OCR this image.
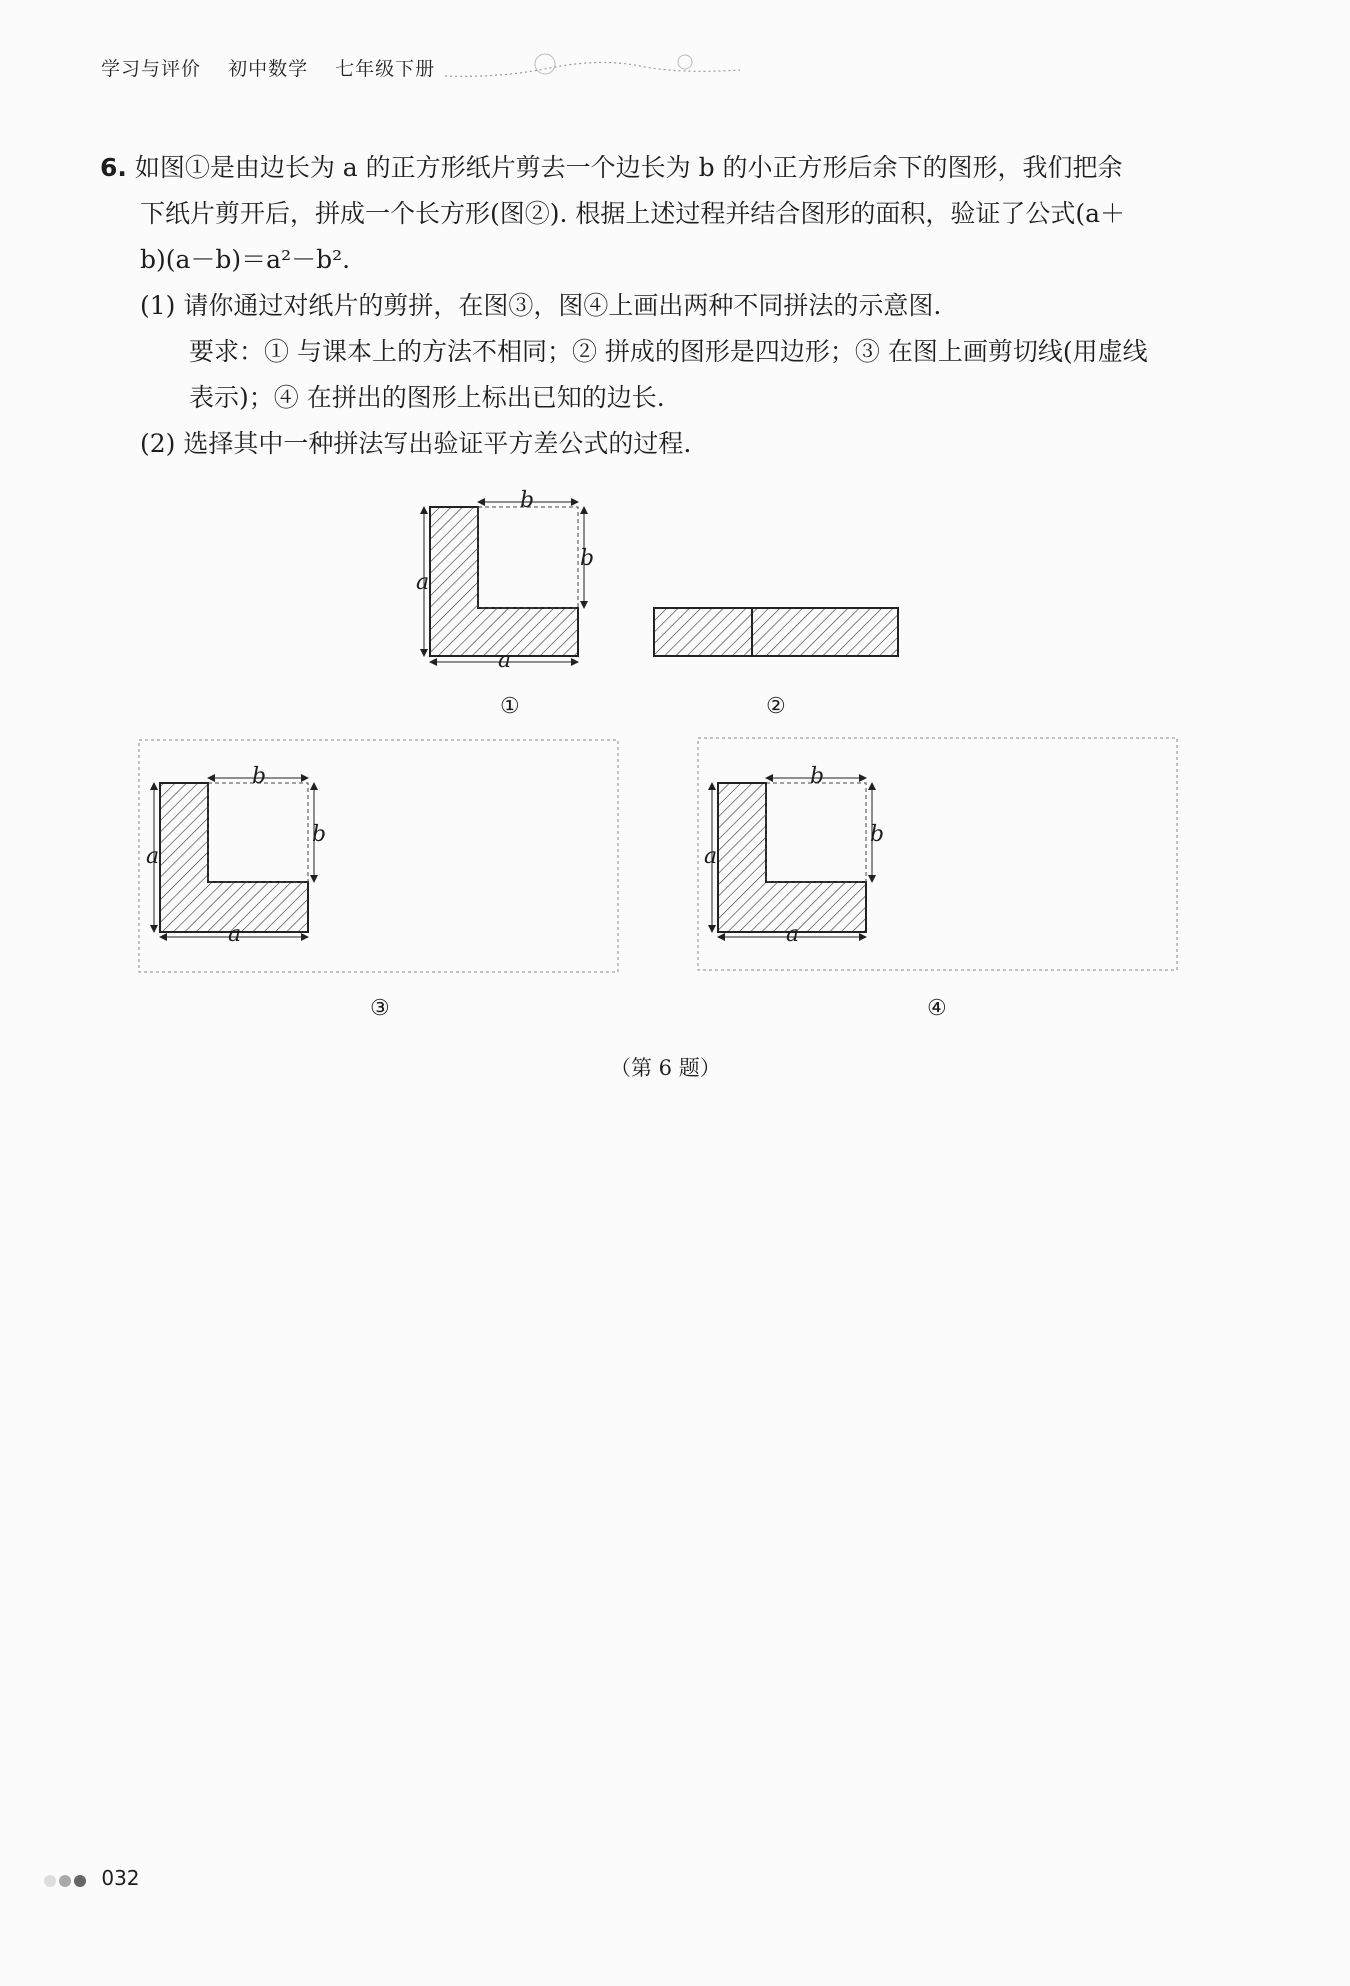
学习与评价 初中数学 七年级下册
6. 如图①是由边长为 a 的正方形纸片剪去一个边长为 b 的小正方形后余下的图形，我们把余
下纸片剪开后，拼成一个长方形(图②). 根据上述过程并结合图形的面积，验证了公式(a＋
b)(a－b)＝a²－b².
(1) 请你通过对纸片的剪拼，在图③，图④上画出两种不同拼法的示意图.
要求：① 与课本上的方法不相同；② 拼成的图形是四边形；③ 在图上画剪切线(用虚线
表示)；④ 在拼出的图形上标出已知的边长.
(2) 选择其中一种拼法写出验证平方差公式的过程.
a
a
b
b
a
a
b
b
a
a
b
b
①	②
③	④
（第 6 题）
032
